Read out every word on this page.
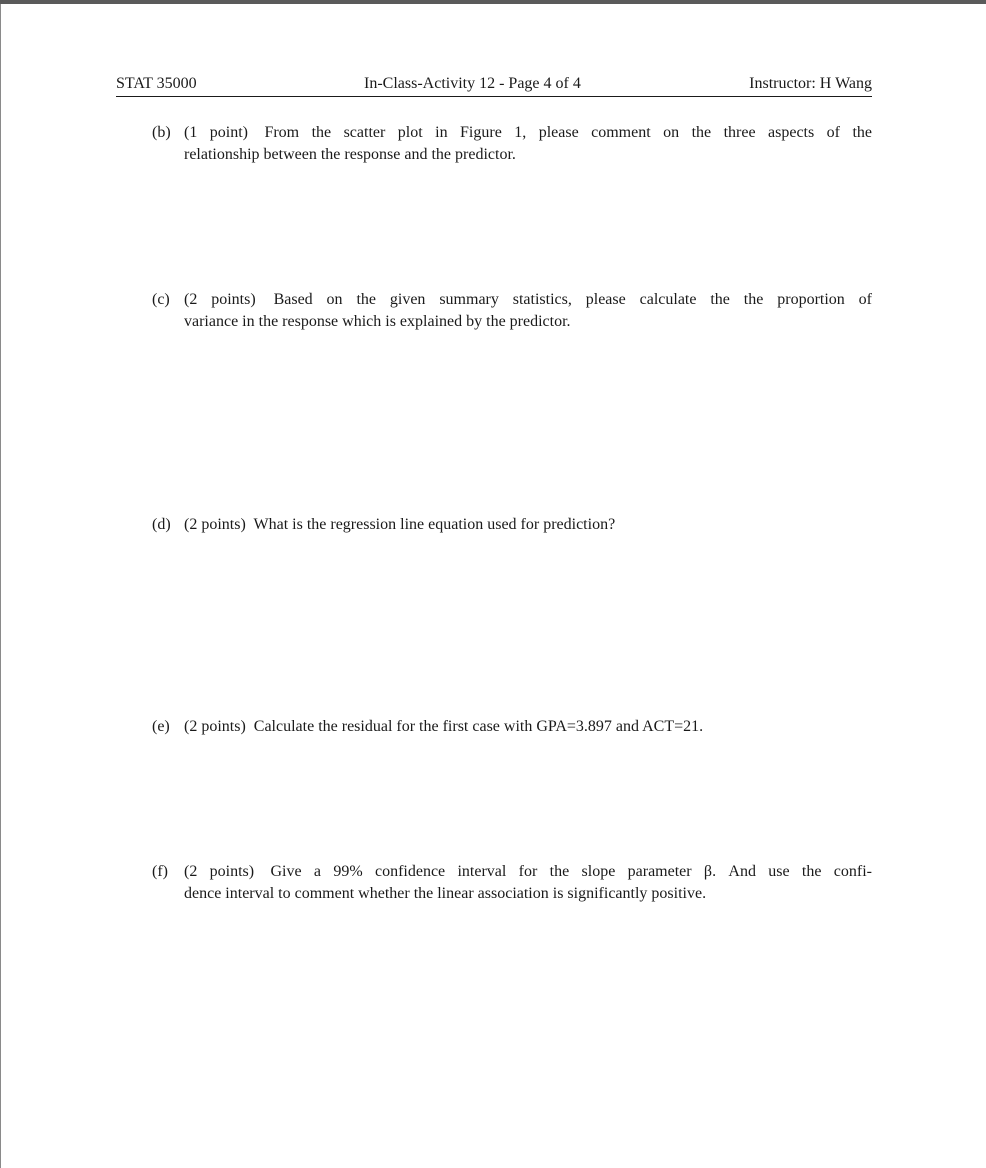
STAT 35000	In-Class-Activity 12 - Page 4 of 4	Instructor: H Wang
(b) (1 point) From the scatter plot in Figure 1, please comment on the three aspects of the
relationship between the response and the predictor.
(c) (2 points) Based on the given summary statistics, please calculate the the proportion of
variance in the response which is explained by the predictor.
(d) (2 points) What is the regression line equation used for prediction?
(e) (2 points) Calculate the residual for the first case with GPA=3.897 and ACT=21.
(f) (2 points) Give a 99% confidence interval for the slope parameter β. And use the confi-
dence interval to comment whether the linear association is significantly positive.
